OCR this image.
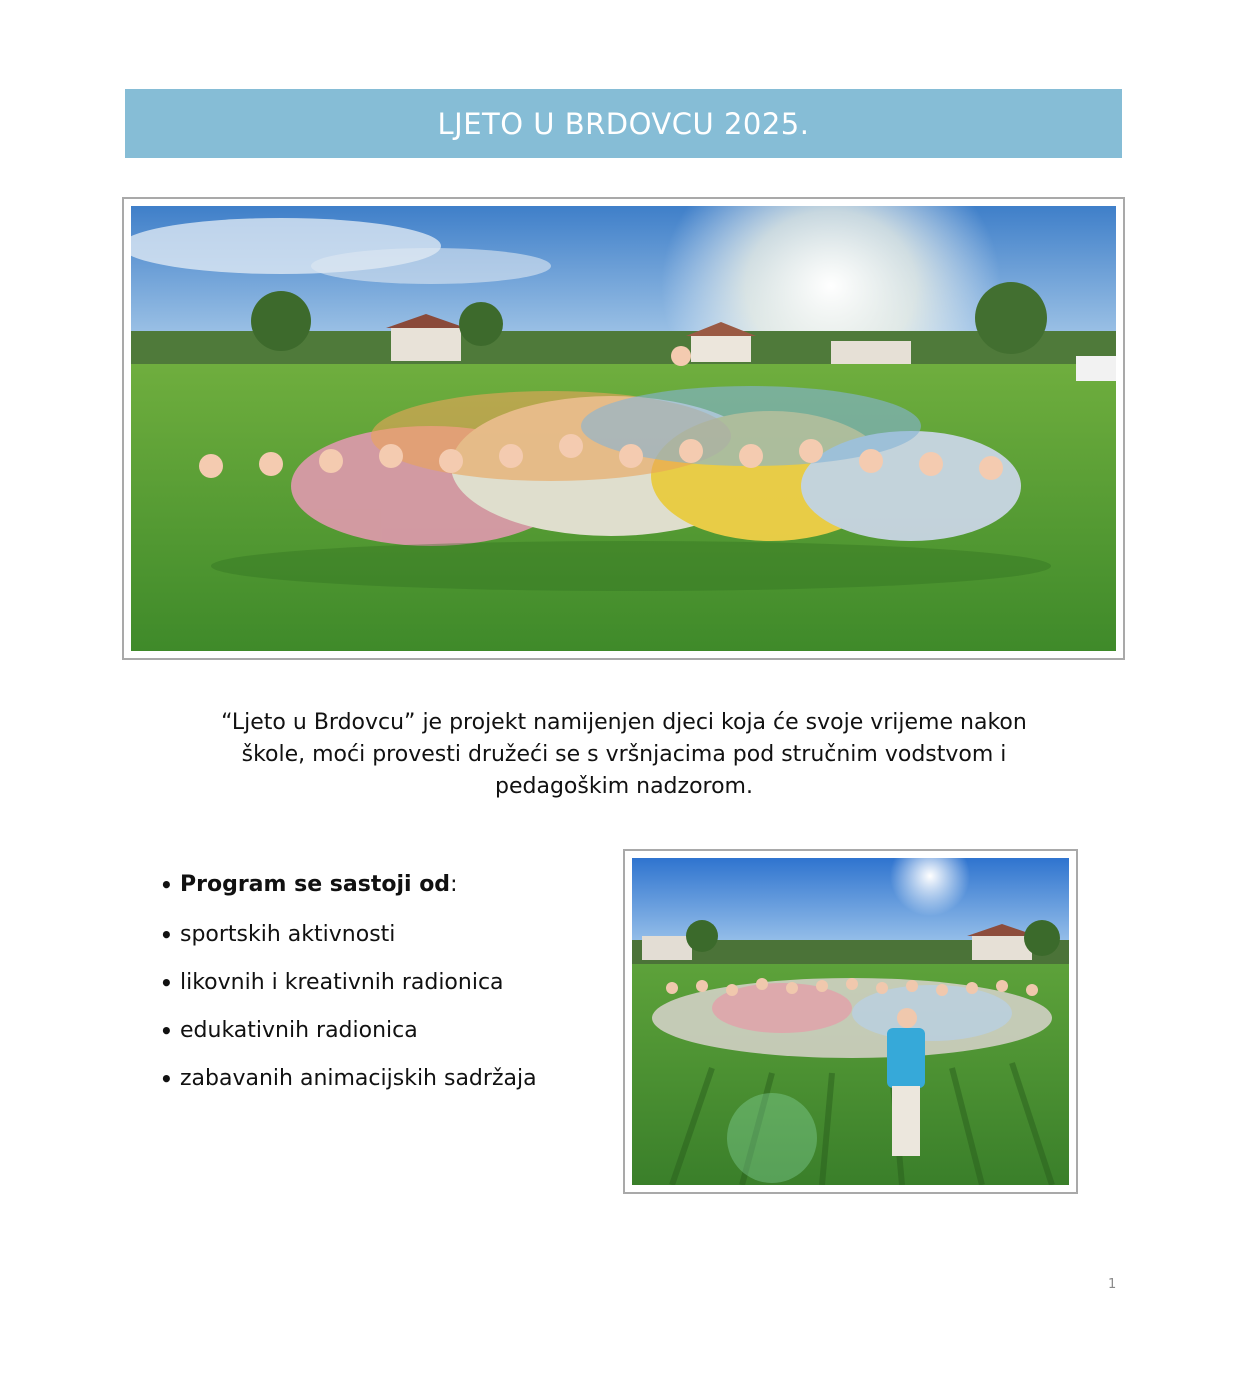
LJETO U BRDOVCU 2025.
“Ljeto u Brdovcu” je projekt namijenjen djeci koja će svoje vrijeme nakon
škole, moći provesti družeći se s vršnjacima pod stručnim vodstvom i
pedagoškim nadzorom.
• Program se sastoji od :
• sportskih aktivnosti
• likovnih i kreativnih radionica
• edukativnih radionica
• zabavanih animacijskih sadržaja
1
